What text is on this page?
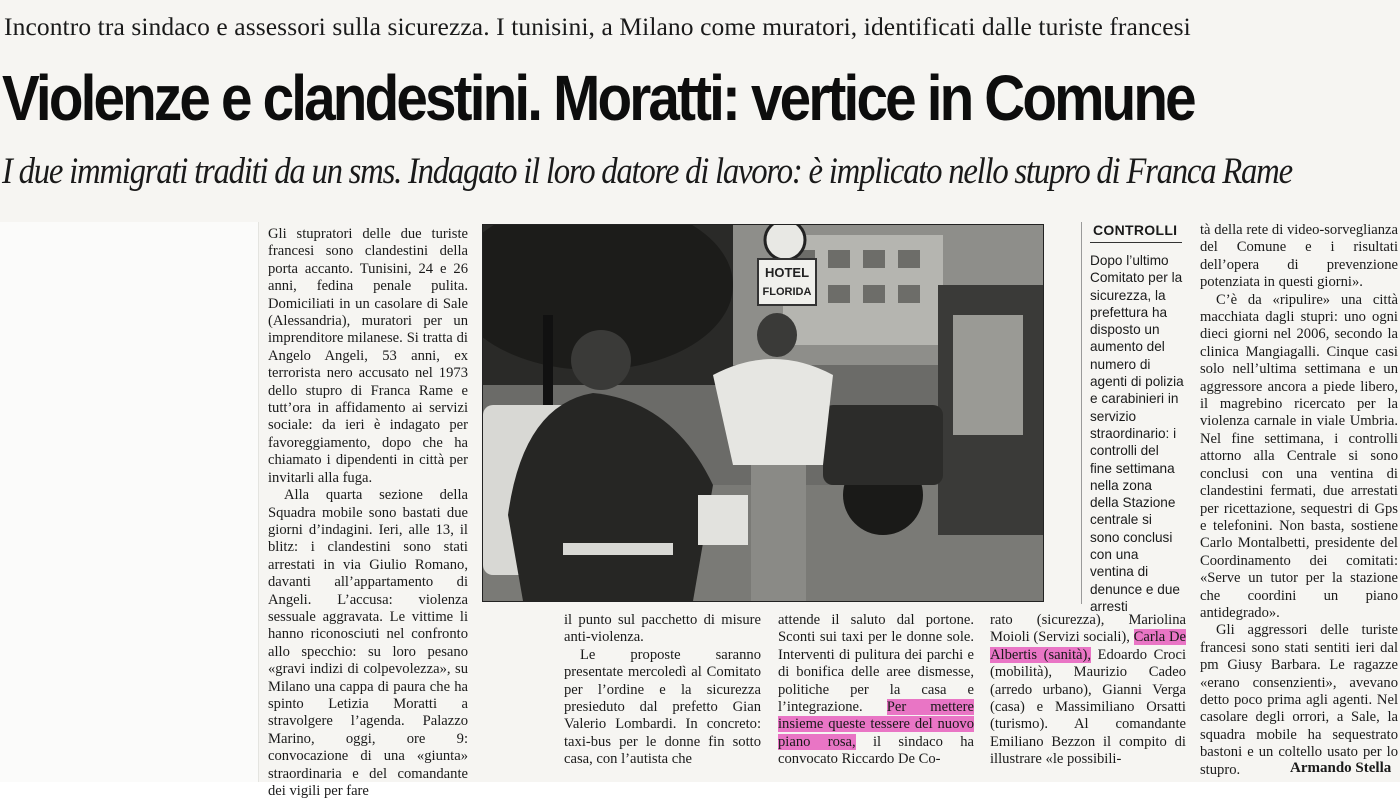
Incontro tra sindaco e assessori sulla sicurezza. I tunisini, a Milano come muratori, identificati dalle turiste francesi
Violenze e clandestini. Moratti: vertice in Comune
I due immigrati traditi da un sms. Indagato il loro datore di lavoro: è implicato nello stupro di Franca Rame

Gli stupratori delle due turiste francesi sono clandestini della porta accanto. Tunisini, 24 e 26 anni, fedina penale pulita. Domiciliati in un casolare di Sale (Alessandria), muratori per un imprenditore milanese. Si tratta di Angelo Angeli, 53 anni, ex terrorista nero accusato nel 1973 dello stupro di Franca Rame e tutt’ora in affidamento ai servizi sociale: da ieri è indagato per favoreggiamento, dopo che ha chiamato i dipendenti in città per invitarli alla fuga.

Alla quarta sezione della Squadra mobile sono bastati due giorni d’indagini. Ieri, alle 13, il blitz: i clandestini sono stati arrestati in via Giulio Romano, davanti all’appartamento di Angeli. L’accusa: violenza sessuale aggravata. Le vittime li hanno riconosciuti nel confronto allo specchio: su loro pesano «gravi indizi di colpevolezza», su Milano una cappa di paura che ha spinto Letizia Moratti a stravolgere l’agenda. Palazzo Marino, oggi, ore 9: convocazione di una «giunta» straordinaria e del comandante dei vigili per fare

HOTEL
FLORIDA
CONTROLLI
Dopo l’ultimo Comitato per la sicurezza, la prefettura ha disposto un aumento del numero di agenti di polizia e carabinieri in servizio straordinario: i controlli del fine settimana nella zona della Stazione centrale si sono conclusi con una ventina di denunce e due arresti

il punto sul pacchetto di misure anti-violenza.

Le proposte saranno presentate mercoledì al Comitato per l’ordine e la sicurezza presieduto dal prefetto Gian Valerio Lombardi. In concreto: taxi-bus per le donne fin sotto casa, con l’autista che

attende il saluto dal portone. Sconti sui taxi per le donne sole. Interventi di pulitura dei parchi e di bonifica delle aree dismesse, politiche per la casa e l’integrazione. Per mettere insieme queste tessere del nuovo piano rosa, il sindaco ha convocato Riccardo De Co-

rato (sicurezza), Mariolina Moioli (Servizi sociali), Carla De Albertis (sanità), Edoardo Croci (mobilità), Maurizio Cadeo (arredo urbano), Gianni Verga (casa) e Massimiliano Orsatti (turismo). Al comandante Emiliano Bezzon il compito di illustrare «le possibili-

tà della rete di video-sorveglianza del Comune e i risultati dell’opera di prevenzione potenziata in questi giorni».

C’è da «ripulire» una città macchiata dagli stupri: uno ogni dieci giorni nel 2006, secondo la clinica Mangiagalli. Cinque casi solo nell’ultima settimana e un aggressore ancora a piede libero, il magrebino ricercato per la violenza carnale in viale Umbria. Nel fine settimana, i controlli attorno alla Centrale si sono conclusi con una ventina di clandestini fermati, due arrestati per ricettazione, sequestri di Gps e telefonini. Non basta, sostiene Carlo Montalbetti, presidente del Coordinamento dei comitati: «Serve un tutor per la stazione che coordini un piano antidegrado».

Gli aggressori delle turiste francesi sono stati sentiti ieri dal pm Giusy Barbara. Le ragazze «erano consenzienti», avevano detto poco prima agli agenti. Nel casolare degli orrori, a Sale, la squadra mobile ha sequestrato bastoni e un coltello usato per lo stupro.	Armando Stella
